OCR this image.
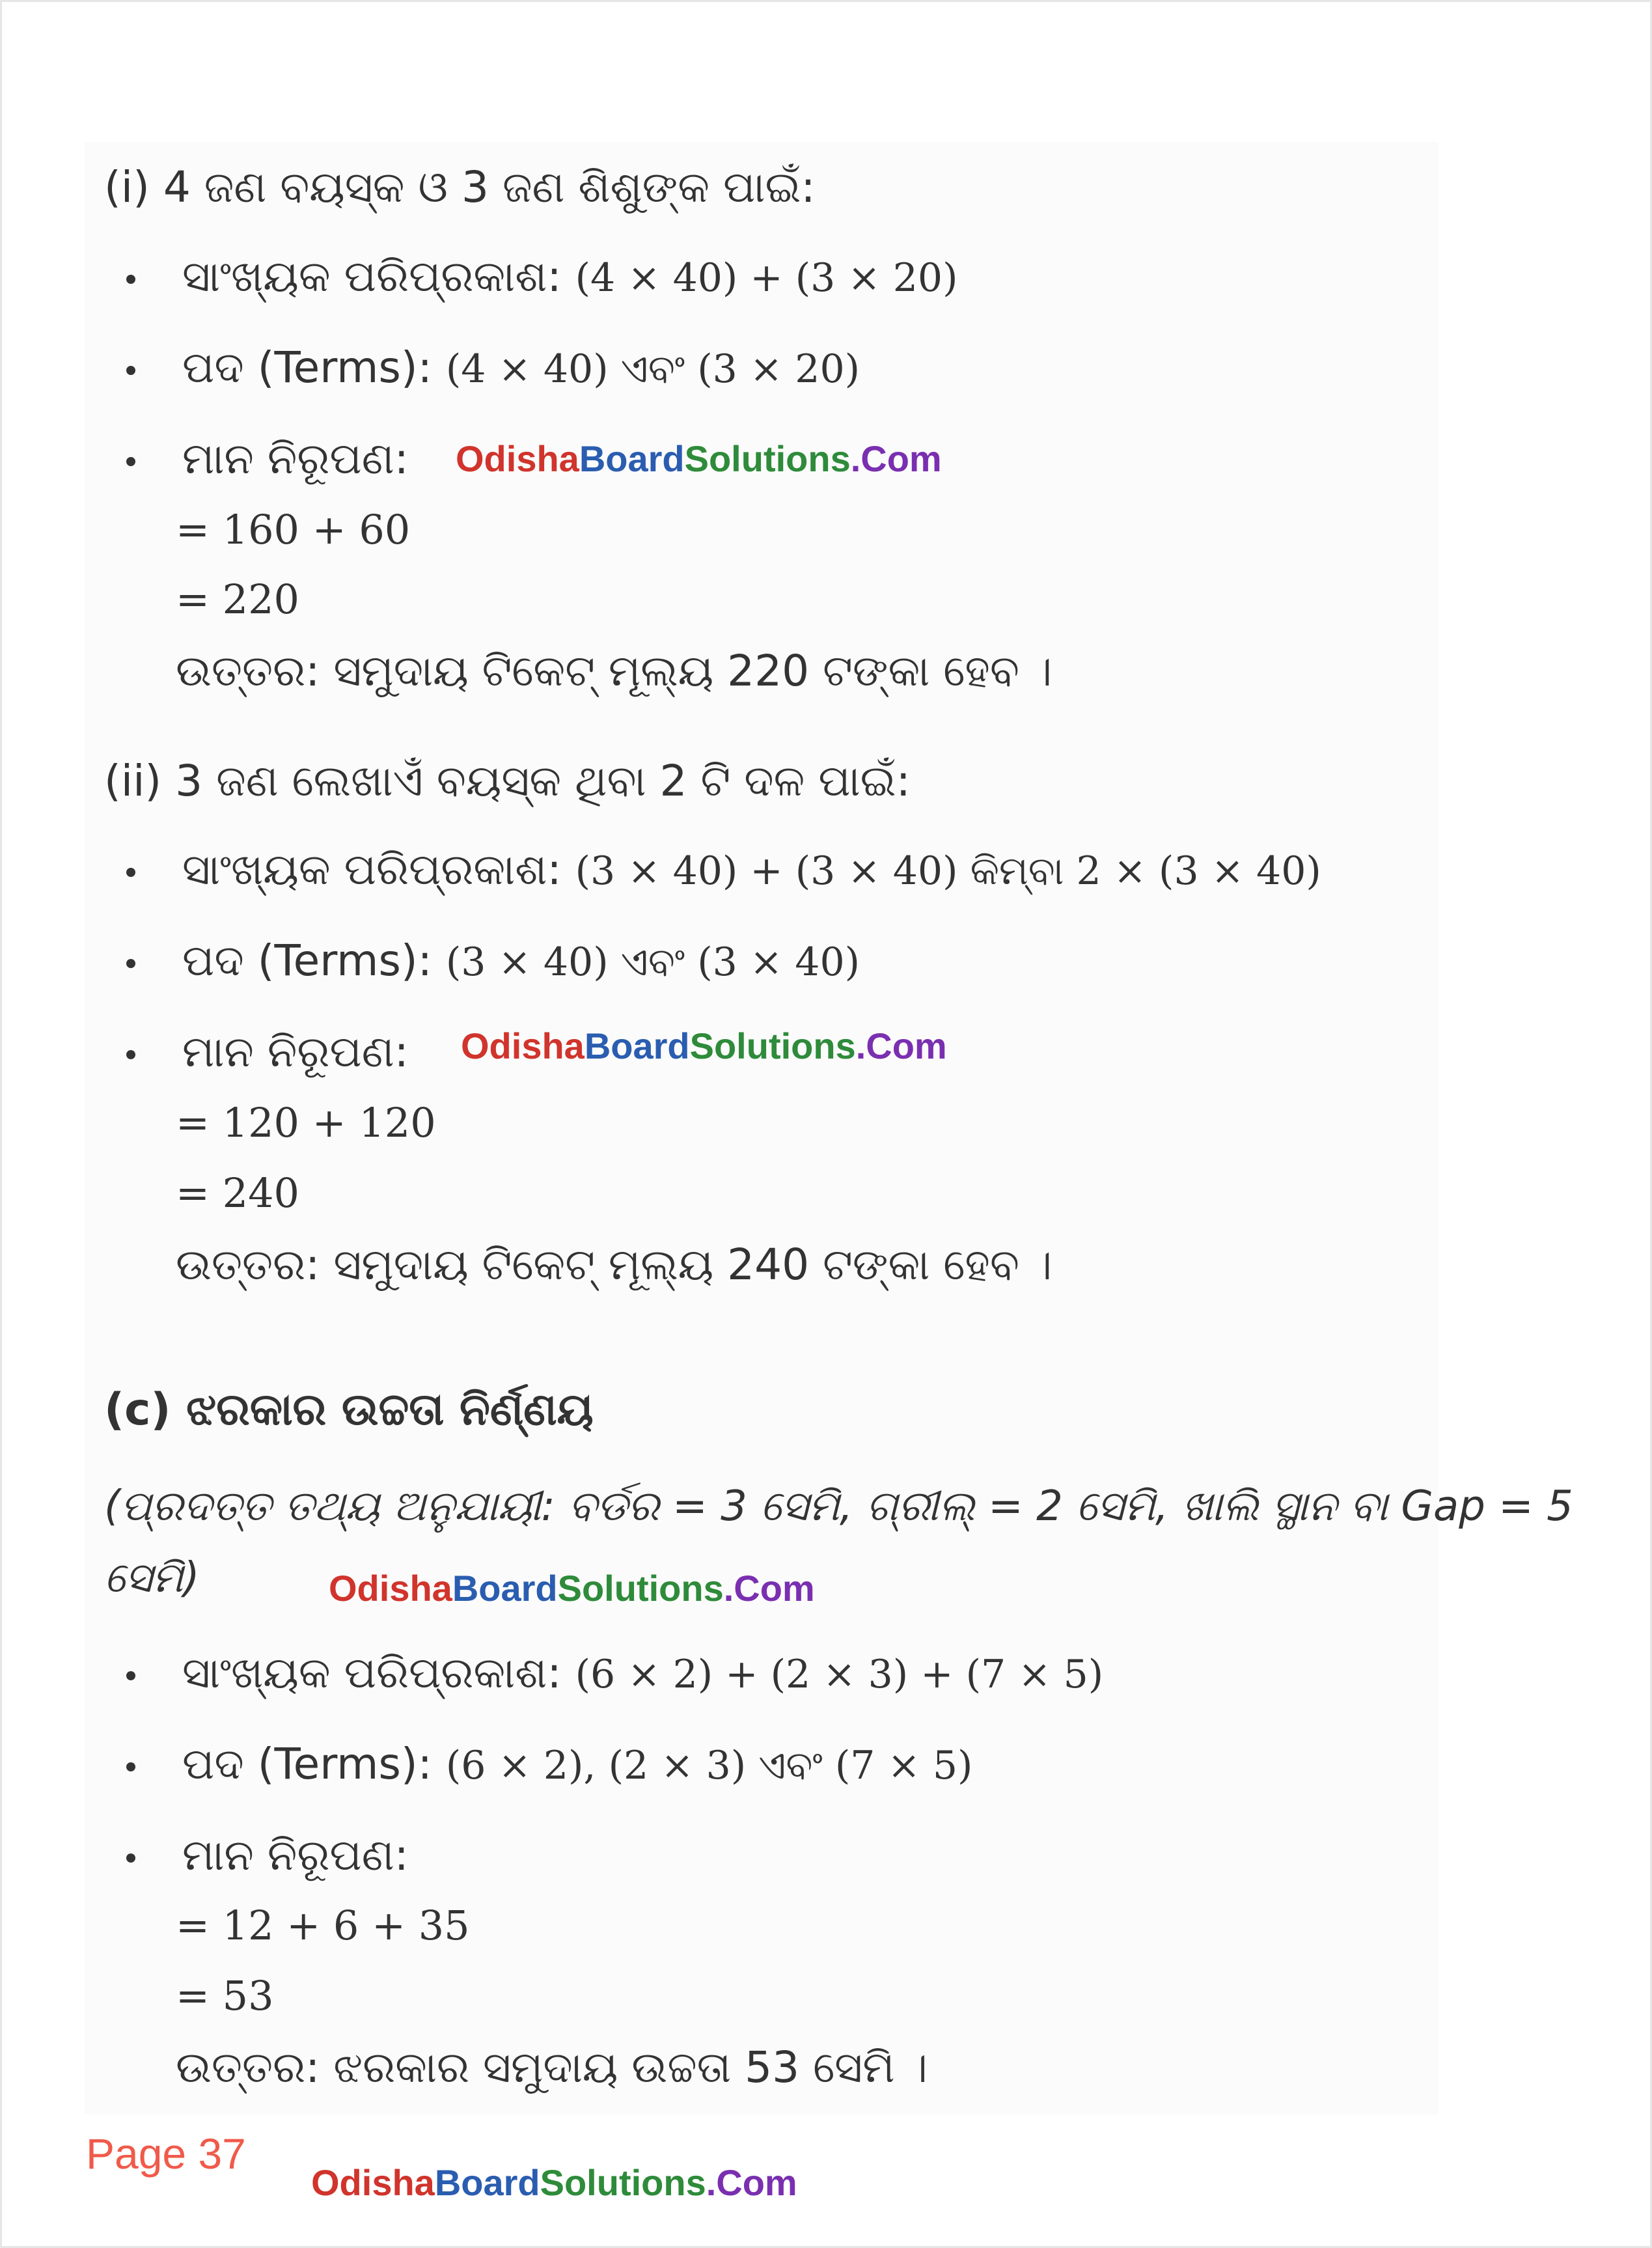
(i) 4 ଜଣ ବୟସ୍କ ଓ 3 ଜଣ ଶିଶୁଙ୍କ ପାଇଁ:
ସାଂଖ୍ୟକ ପରିପ୍ରକାଶ: (4 × 40) + (3 × 20)
ପଦ (Terms): (4 × 40) ଏବଂ (3 × 20)
ମାନ ନିରୂପଣ: OdishaBoardSolutions.Com
= 160 + 60
= 220
ଉତ୍ତର: ସମୁଦାୟ ଟିକେଟ୍ ମୂଲ୍ୟ 220 ଟଙ୍କା ହେବ ।
(ii) 3 ଜଣ ଲେଖାଏଁ ବୟସ୍କ ଥିବା 2 ଟି ଦଳ ପାଇଁ:
ସାଂଖ୍ୟକ ପରିପ୍ରକାଶ: (3 × 40) + (3 × 40) କିମ୍ବା 2 × (3 × 40)
ପଦ (Terms): (3 × 40) ଏବଂ (3 × 40)
ମାନ ନିରୂପଣ: OdishaBoardSolutions.Com
= 120 + 120
= 240
ଉତ୍ତର: ସମୁଦାୟ ଟିକେଟ୍ ମୂଲ୍ୟ 240 ଟଙ୍କା ହେବ ।
(c) ଝରକାର ଉଚ୍ଚତା ନିର୍ଣ୍ଣୟ
(ପ୍ରଦତ୍ତ ତଥ୍ୟ ଅନୁଯାୟୀ: ବର୍ଡର = 3 ସେମି, ଗ୍ରୀଲ୍ = 2 ସେମି, ଖାଲି ସ୍ଥାନ ବା Gap = 5
ସେମି)	OdishaBoardSolutions.Com
ସାଂଖ୍ୟକ ପରିପ୍ରକାଶ: (6 × 2) + (2 × 3) + (7 × 5)
ପଦ (Terms): (6 × 2), (2 × 3) ଏବଂ (7 × 5)
ମାନ ନିରୂପଣ:
= 12 + 6 + 35
= 53
ଉତ୍ତର: ଝରକାର ସମୁଦାୟ ଉଚ୍ଚତା 53 ସେମି ।
Page 37
OdishaBoardSolutions.Com
